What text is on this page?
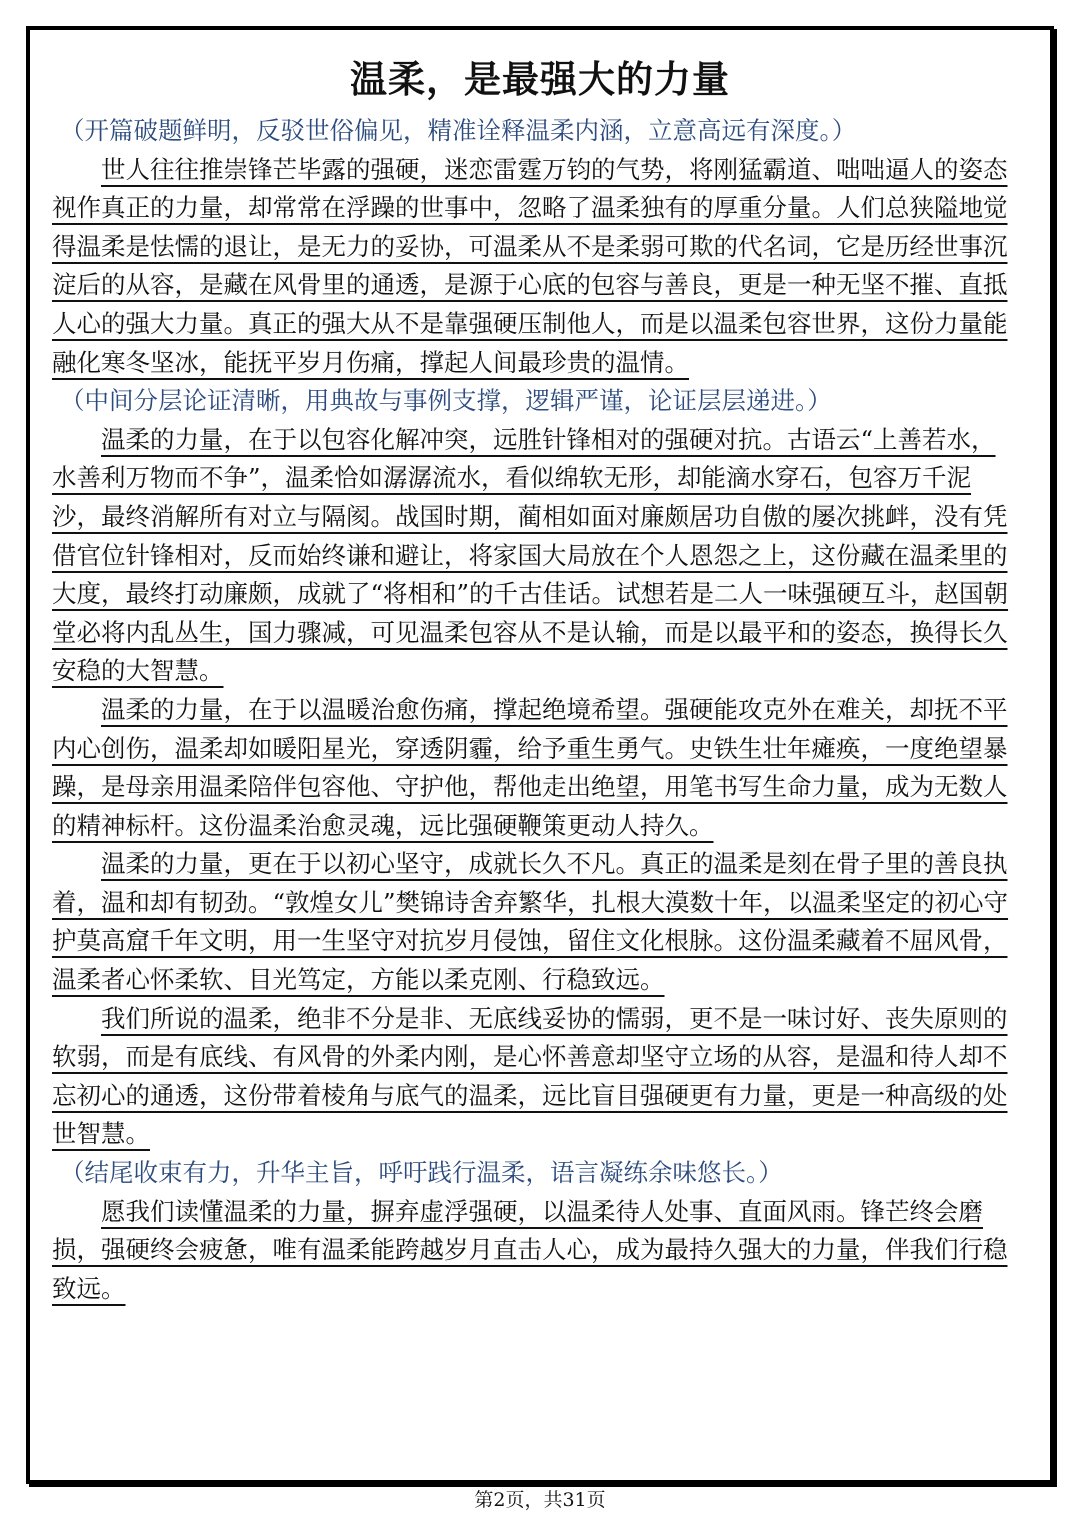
温柔，是最强大的力量

（开篇破题鲜明，反驳世俗偏见，精准诠释温柔内涵，立意高远有深度。）

世人往往推崇锋芒毕露的强硬，迷恋雷霆万钧的气势，将刚猛霸道、咄咄逼人的姿态视作真正的力量，却常常在浮躁的世事中，忽略了温柔独有的厚重分量。人们总狭隘地觉得温柔是怯懦的退让，是无力的妥协，可温柔从不是柔弱可欺的代名词，它是历经世事沉淀后的从容，是藏在风骨里的通透，是源于心底的包容与善良，更是一种无坚不摧、直抵人心的强大力量。真正的强大从不是靠强硬压制他人，而是以温柔包容世界，这份力量能融化寒冬坚冰，能抚平岁月伤痛，撑起人间最珍贵的温情。

（中间分层论证清晰，用典故与事例支撑，逻辑严谨，论证层层递进。）

温柔的力量，在于以包容化解冲突，远胜针锋相对的强硬对抗。古语云“上善若水，水善利万物而不争”，温柔恰如潺潺流水，看似绵软无形，却能滴水穿石，包容万千泥沙，最终消解所有对立与隔阂。战国时期，蔺相如面对廉颇居功自傲的屡次挑衅，没有凭借官位针锋相对，反而始终谦和避让，将家国大局放在个人恩怨之上，这份藏在温柔里的大度，最终打动廉颇，成就了“将相和”的千古佳话。试想若是二人一味强硬互斗，赵国朝堂必将内乱丛生，国力骤减，可见温柔包容从不是认输，而是以最平和的姿态，换得长久安稳的大智慧。

温柔的力量，在于以温暖治愈伤痛，撑起绝境希望。强硬能攻克外在难关，却抚不平内心创伤，温柔却如暖阳星光，穿透阴霾，给予重生勇气。史铁生壮年瘫痪，一度绝望暴躁，是母亲用温柔陪伴包容他、守护他，帮他走出绝望，用笔书写生命力量，成为无数人的精神标杆。这份温柔治愈灵魂，远比强硬鞭策更动人持久。

温柔的力量，更在于以初心坚守，成就长久不凡。真正的温柔是刻在骨子里的善良执着，温和却有韧劲。“敦煌女儿”樊锦诗舍弃繁华，扎根大漠数十年，以温柔坚定的初心守护莫高窟千年文明，用一生坚守对抗岁月侵蚀，留住文化根脉。这份温柔藏着不屈风骨，温柔者心怀柔软、目光笃定，方能以柔克刚、行稳致远。

我们所说的温柔，绝非不分是非、无底线妥协的懦弱，更不是一味讨好、丧失原则的软弱，而是有底线、有风骨的外柔内刚，是心怀善意却坚守立场的从容，是温和待人却不忘初心的通透，这份带着棱角与底气的温柔，远比盲目强硬更有力量，更是一种高级的处世智慧。

（结尾收束有力，升华主旨，呼吁践行温柔，语言凝练余味悠长。）

愿我们读懂温柔的力量，摒弃虚浮强硬，以温柔待人处事、直面风雨。锋芒终会磨损，强硬终会疲惫，唯有温柔能跨越岁月直击人心，成为最持久强大的力量，伴我们行稳致远。

第2页，共31页
